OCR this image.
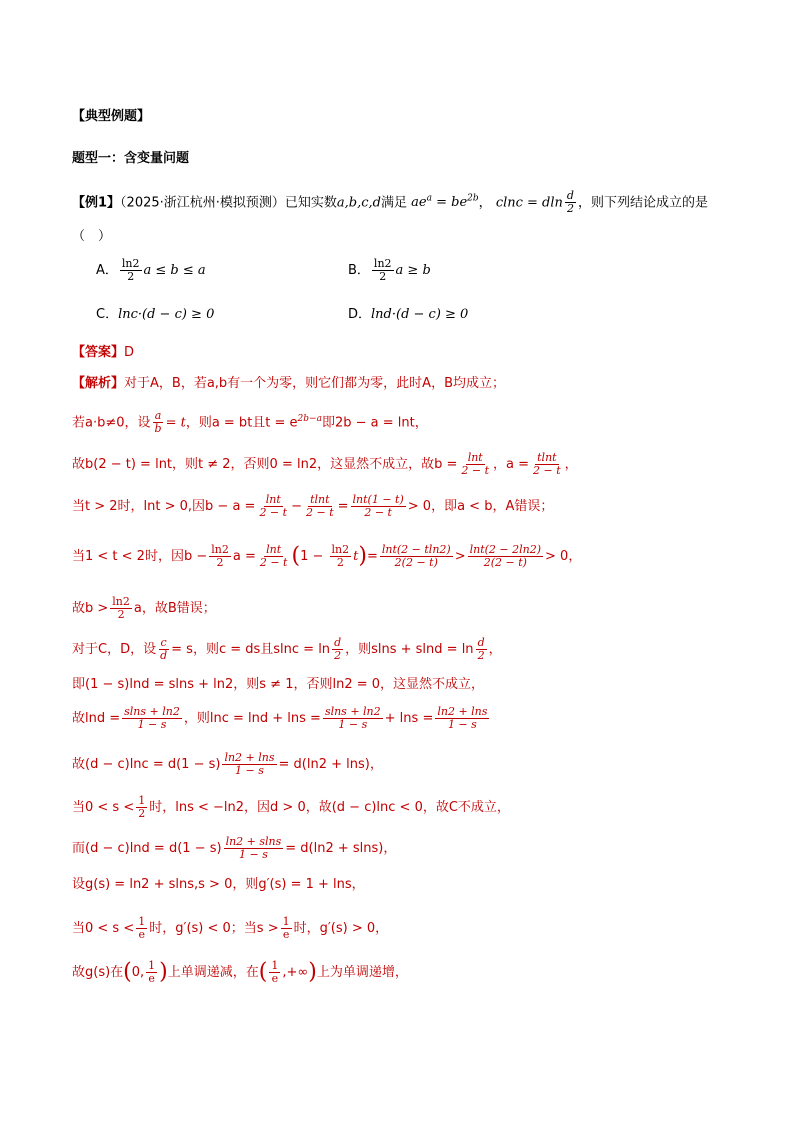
【典型例题】
题型一：含变量问题
【例1】（2025·浙江杭州·模拟预测）已知实数a,b,c,d满足 $ae^a = be^{2b}$， clnc = dln $\frac{d}{2}$ ，则下列结论成立的是
（　）
A． $\frac{\ln 2}{2}$ a ≤ b ≤ a	B． $\frac{\ln 2}{2}$ a ≥ b
C．lnc·(d − c) ≥ 0	D．lnd·(d − c) ≥ 0
【答案】D
【解析】对于A，B，若a,b有一个为零，则它们都为零，此时A，B均成立；
若a·b≠0，设 $\frac{a}{b} = t$，则a = bt且$t = e^{2b-a}$即2b − a = lnt，
故b(2 − t) = lnt，则t ≠ 2，否则0 = ln2，这显然不成立，故$b = \frac{\ln t}{2 - t}$ ，$a = \frac{tlnt}{2 - t}$ ，
当t > 2时，lnt > 0,因$b - a = \frac{\ln t}{2 - t} - \frac{tlnt}{2 - t} = \frac{\ln t(1 - t)}{2 - t} > 0$，即a < b，A错误；
当1 < t < 2时，因$b - \frac{\ln 2}{2}$ $a = \frac{\ln t}{2 - t} (1 - \frac{\ln 2}{2} t)= \frac{\ln t(2 - tln2)}{2(2 - t)} > \frac{\ln t(2 - 2\ln 2)}{2(2 - t)} > 0$，
故$b > \frac{\ln 2}{2}$ a，故B错误；
对于C，D，设 $\frac{c}{d} = s$，则c = ds且$slnc = \ln \frac{d}{2}$ ，则$slns + slnd = \ln \frac{d}{2}$ ，
即(1 − s)lnd = slns + ln2，则s ≠ 1，否则ln2 = 0，这显然不成立，
故$\ln d = \frac{slns + \ln 2}{1 - s}$ ，则$\ln c = \ln d + \ln s = \frac{slns + \ln 2}{1 - s} + \ln s = \frac{\ln 2 + \ln s}{1 - s}$
故$(d - c)\ln c = d(1 - s) \frac{\ln 2 + \ln s}{1 - s} = d(\ln 2 + \ln s)$，
当$0 < s < \frac{1}{2}$ 时，lns < −ln2，因d > 0，故(d − c)lnc < 0，故C不成立，
而$(d - c)\ln d = d(1 - s) \frac{\ln 2 + slns}{1 - s} = d(\ln 2 + slns)$，
设g(s) = ln2 + slns,s > 0，则g′(s) = 1 + lns，
当$0 < s < \frac{1}{e}$ 时，g′(s) < 0；当$s > \frac{1}{e}$ 时，g′(s) > 0，
故g(s)在(0, $\frac{1}{e}$ )上单调递减，在( $\frac{1}{e}$ ,+∞)上为单调递增，
